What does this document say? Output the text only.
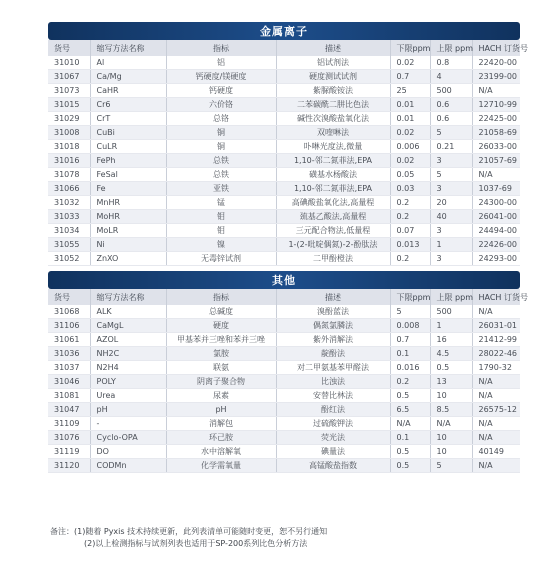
金属离子
货号	缩写方法名称	指标	描述	下限ppm	上限 ppm	HACH 订货号
31010	Al	铝	铝试剂法	0.02	0.8	22420-00
31067	Ca/Mg	钙硬度/镁硬度	硬度测试试剂	0.7	4	23199-00
31073	CaHR	钙硬度	紫脲酸铵法	25	500	N/A
31015	Cr6	六价铬	二苯碳酰二肼比色法	0.01	0.6	12710-99
31029	CrT	总铬	碱性次溴酸盐氧化法	0.01	0.6	22425-00
31008	CuBi	铜	双喹啉法	0.02	5	21058-69
31018	CuLR	铜	卟啉光度法,微量	0.006	0.21	26033-00
31016	FePh	总铁	1,10-邻二氮菲法,EPA	0.02	3	21057-69
31078	FeSal	总铁	磺基水杨酸法	0.05	5	N/A
31066	Fe	亚铁	1,10-邻二氮菲法,EPA	0.03	3	1037-69
31032	MnHR	锰	高碘酸盐氧化法,高量程	0.2	20	24300-00
31033	MoHR	钼	巯基乙酸法,高量程	0.2	40	26041-00
31034	MoLR	钼	三元配合物法,低量程	0.07	3	24494-00
31055	Ni	镍	1-(2-吡啶偶氮)-2-酚肽法	0.013	1	22426-00
31052	ZnXO	无毒锌试剂	二甲酚橙法	0.2	3	24293-00
其他
货号	缩写方法名称	指标	描述	下限ppm	上限 ppm	HACH 订货号
31068	ALK	总碱度	溴酚蓝法	5	500	N/A
31106	CaMgL	硬度	偶氮氯膦法	0.008	1	26031-01
31061	AZOL	甲基苯并三唑和苯并三唑	紫外消解法	0.7	16	21412-99
31036	NH2C	氯胺	靛酚法	0.1	4.5	28022-46
31037	N2H4	联氨	对二甲氨基苯甲醛法	0.016	0.5	1790-32
31046	POLY	阴离子聚合物	比浊法	0.2	13	N/A
31081	Urea	尿素	安替比林法	0.5	10	N/A
31047	pH	pH	酚红法	6.5	8.5	26575-12
31109	-	消解包	过硫酸钾法	N/A	N/A	N/A
31076	Cyclo-OPA	环己胺	荧光法	0.1	10	N/A
31119	DO	水中溶解氧	碘量法	0.5	10	40149
31120	CODMn	化学需氧量	高锰酸盐指数	0.5	5	N/A
备注：(1)随着 Pyxis 技术持续更新，此列表清单可能随时变更，恕不另行通知
(2)以上检测指标与试剂列表也适用于SP-200系列比色分析方法
